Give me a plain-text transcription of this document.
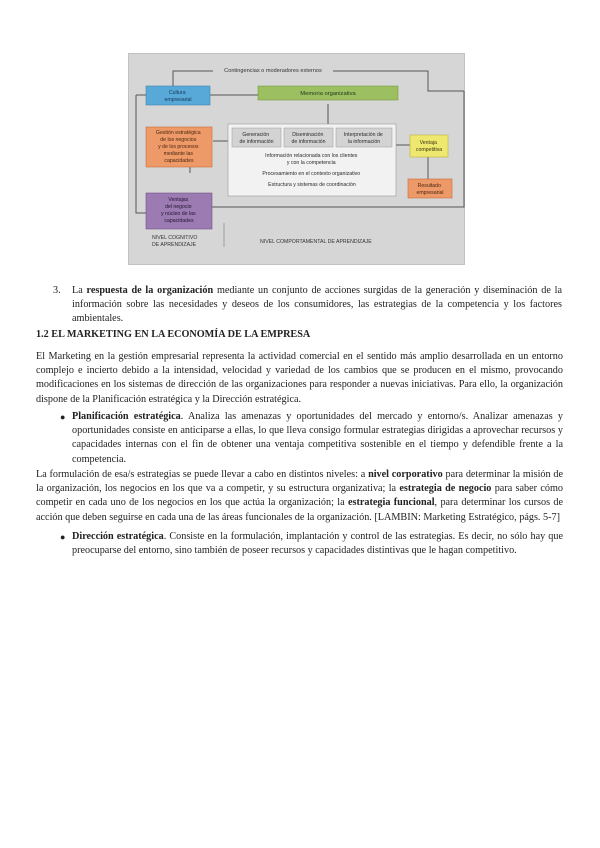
Cultura empresarial
Memoria organizativa
Contingencias o moderadores externos
Gestión estratégica de los negocios y de los procesos mediante las capacidades
Generación de información
Diseminación de información
Interpretación de la información
Información relacionada con los clientes y con la competencia Procesamiento en el contexto organizativo Estructura y sistemas de coordinación
Ventaja competitiva
Resultado empresarial
Ventajas del negocio y núcleo de las capacidades
NIVEL COGNITIVO DE APRENDIZAJE	NIVEL COMPORTAMENTAL DE APRENDIZAJE
3. La respuesta de la organización mediante un conjunto de acciones surgidas de la generación y diseminación de la información sobre las necesidades y deseos de los consumidores, las estrategias de la competencia y los factores ambientales.

1.2 EL MARKETING EN LA ECONOMÍA DE LA EMPRESA

El Marketing en la gestión empresarial representa la actividad comercial en el sentido más amplio desarrollada en un entorno complejo e incierto debido a la intensidad, velocidad y variedad de los cambios que se producen en el mismo, provocando modificaciones en los sistemas de dirección de las organizaciones para responder a nuevas iniciativas. Para ello, la organización dispone de la Planificación estratégica y la Dirección estratégica.

● Planificación estratégica. Analiza las amenazas y oportunidades del mercado y entorno/s. Analizar amenazas y oportunidades consiste en anticiparse a ellas, lo que lleva consigo formular estrategias dirigidas a aprovechar recursos y capacidades internas con el fin de obtener una ventaja competitiva sostenible en el tiempo y defendible frente a la competencia.

La formulación de esa/s estrategias se puede llevar a cabo en distintos niveles: a nivel corporativo para determinar la misión de la organización, los negocios en los que va a competir, y su estructura organizativa; la estrategia de negocio para saber cómo competir en cada uno de los negocios en los que actúa la organización; la estrategia funcional, para determinar los cursos de acción que deben seguirse en cada una de las áreas funcionales de la organización. [LAMBIN: Marketing Estratégico, págs. 5-7]

● Dirección estratégica. Consiste en la formulación, implantación y control de las estrategias. Es decir, no sólo hay que preocuparse del entorno, sino también de poseer recursos y capacidades distintivas que le hagan competitivo.
